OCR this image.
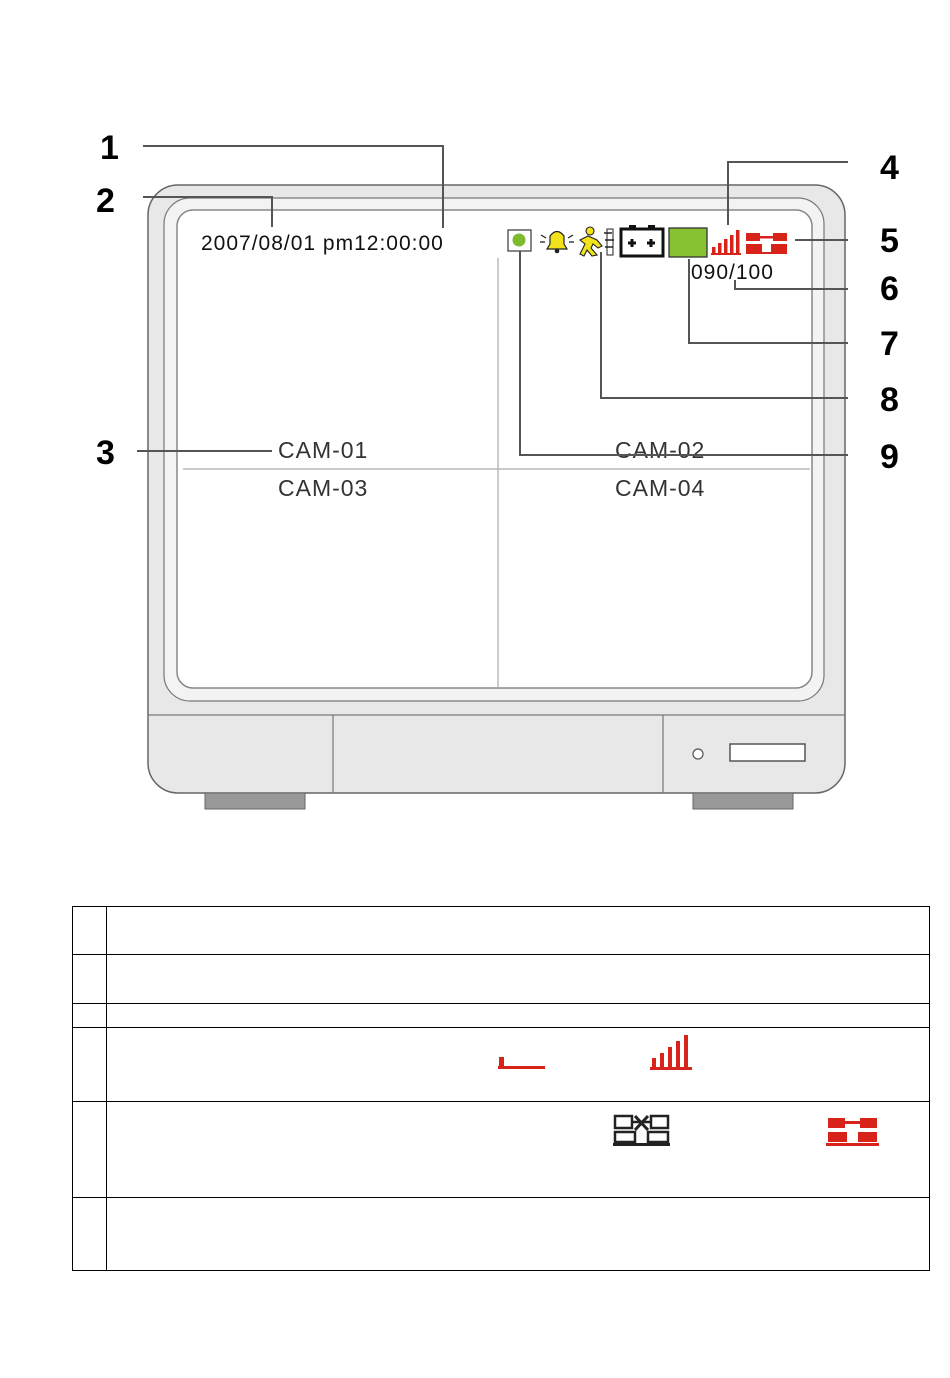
2007/08/01 pm12:00:00
090/100
CAM-01	CAM-02
CAM-03	CAM-04
1
2
3
4
5
6
7
8
9
